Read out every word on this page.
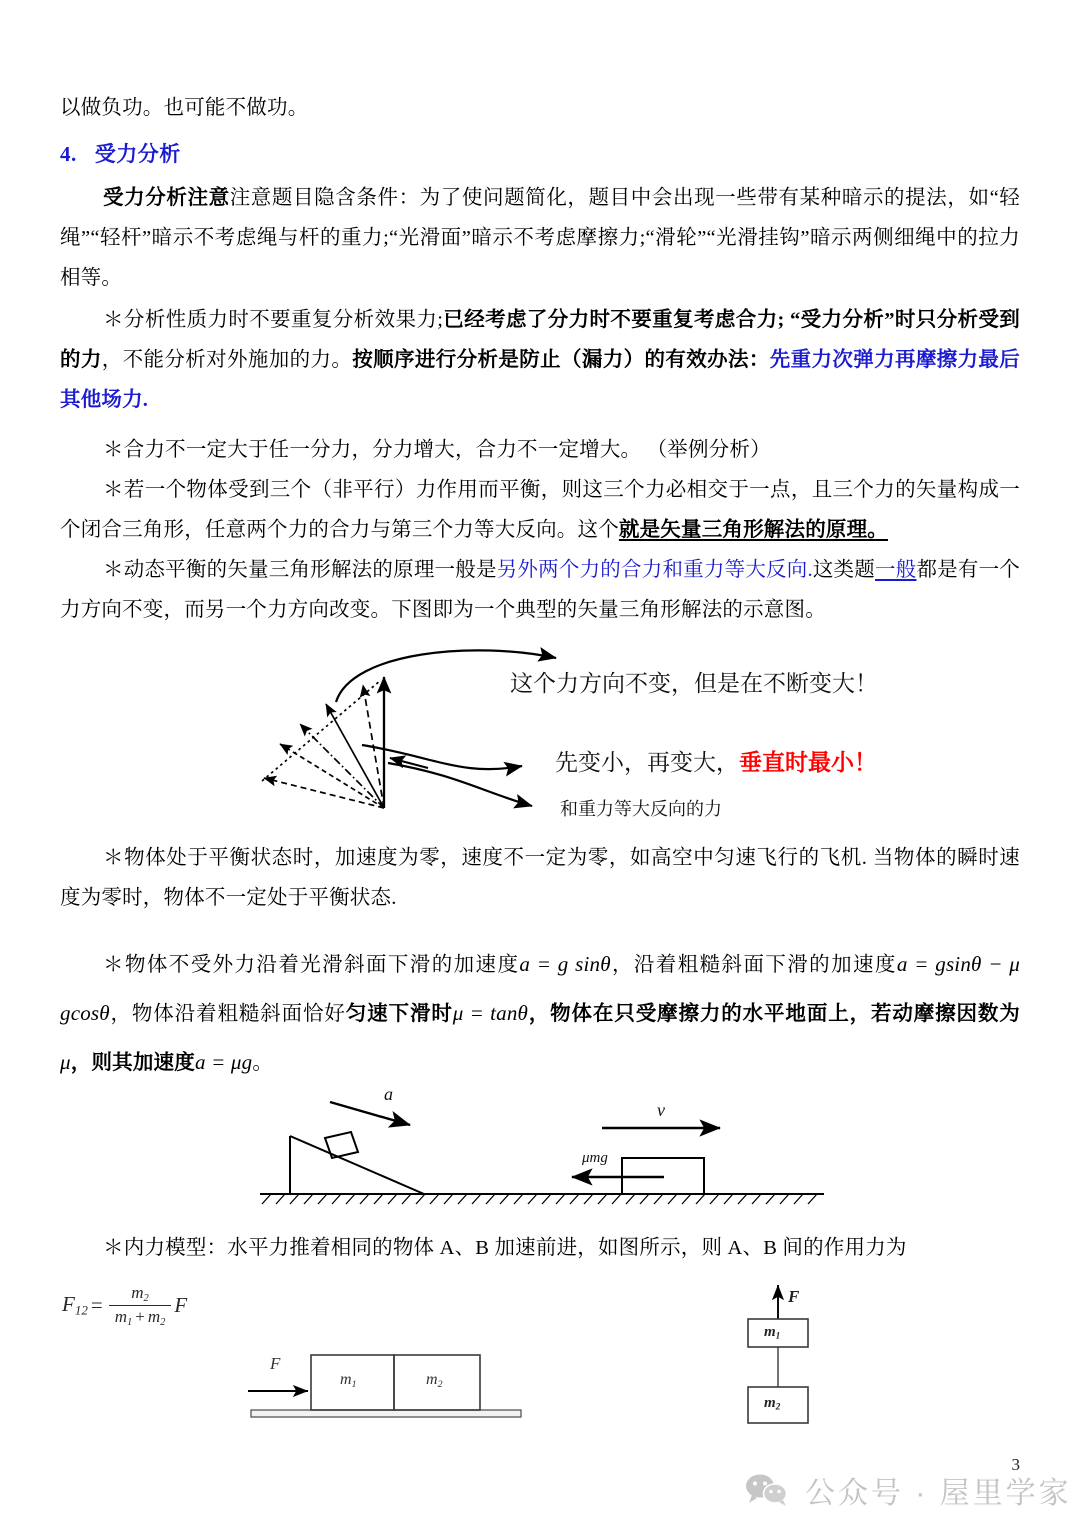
以做负功。也可能不做功。
4. 受力分析
受力分析注意注意题目隐含条件：为了使问题简化，题目中会出现一些带有某种暗示的提法，如“轻绳”“轻杆”暗示不考虑绳与杆的重力;“光滑面”暗示不考虑摩擦力;“滑轮”“光滑挂钩”暗示两侧细绳中的拉力相等。
＊分析性质力时不要重复分析效果力;已经考虑了分力时不要重复考虑合力; “受力分析”时只分析受到的力，不能分析对外施加的力。按顺序进行分析是防止（漏力）的有效办法：先重力次弹力再摩擦力最后其他场力.
＊合力不一定大于任一分力，分力增大，合力不一定增大。 （举例分析）
＊若一个物体受到三个（非平行）力作用而平衡，则这三个力必相交于一点，且三个力的矢量构成一个闭合三角形，任意两个力的合力与第三个力等大反向。这个就是矢量三角形解法的原理。
＊动态平衡的矢量三角形解法的原理一般是另外两个力的合力和重力等大反向.这类题一般都是有一个力方向不变，而另一个力方向改变。下图即为一个典型的矢量三角形解法的示意图。
这个力方向不变，但是在不断变大！
先变小，再变大，垂直时最小！
和重力等大反向的力
＊物体处于平衡状态时，加速度为零，速度不一定为零，如高空中匀速飞行的飞机. 当物体的瞬时速度为零时，物体不一定处于平衡状态.
＊物体不受外力沿着光滑斜面下滑的加速度a = g sinθ，沿着粗糙斜面下滑的加速度a = gsinθ − μ gcosθ，物体沿着粗糙斜面恰好匀速下滑时μ = tanθ，物体在只受摩擦力的水平地面上，若动摩擦因数为μ，则其加速度a = μg。
a
v
μmg
＊内力模型：水平力推着相同的物体 A、B 加速前进，如图所示，则 A、B 间的作用力为
$F_{12} = \frac{m_2}{m_1 + m_2}$ F
F
$m_1$	$m_2$
F
$m_1$
$m_2$
3
公众号 · 屋里学家
